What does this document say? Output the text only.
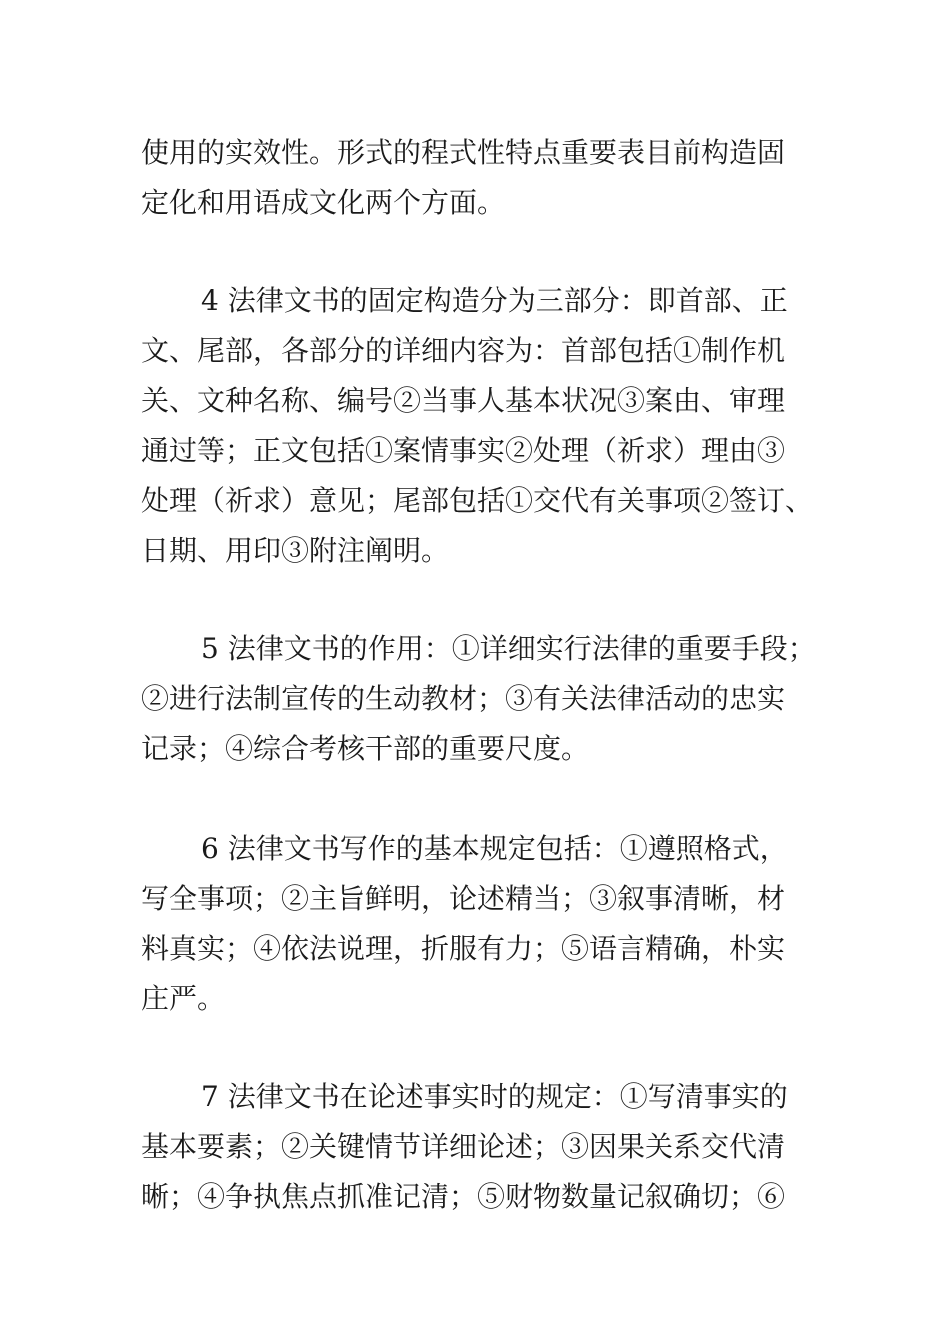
使用的实效性。形式的程式性特点重要表目前构造固
定化和用语成文化两个方面。
4 法律文书的固定构造分为三部分：即首部、正
文、尾部，各部分的详细内容为：首部包括①制作机
关、文种名称、编号②当事人基本状况③案由、审理
通过等；正文包括①案情事实②处理（祈求）理由③
处理（祈求）意见；尾部包括①交代有关事项②签订、
日期、用印③附注阐明。
5 法律文书的作用：①详细实行法律的重要手段；
②进行法制宣传的生动教材；③有关法律活动的忠实
记录；④综合考核干部的重要尺度。
6 法律文书写作的基本规定包括：①遵照格式，
写全事项；②主旨鲜明，论述精当；③叙事清晰，材
料真实；④依法说理，折服有力；⑤语言精确，朴实
庄严。
7 法律文书在论述事实时的规定：①写清事实的
基本要素；②关键情节详细论述；③因果关系交代清
晰；④争执焦点抓准记清；⑤财物数量记叙确切；⑥
